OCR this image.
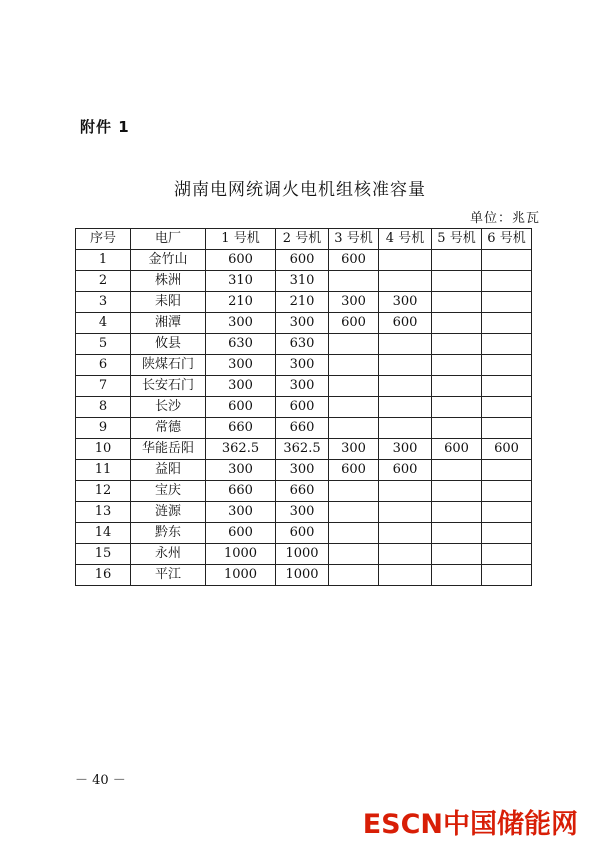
附件 1
湖南电网统调火电机组核准容量
单位：兆瓦
序号	电厂	1 号机	2 号机	3 号机	4 号机	5 号机	6 号机
1	金竹山	600	600	600			
2	株洲	310	310				
3	耒阳	210	210	300	300		
4	湘潭	300	300	600	600		
5	攸县	630	630				
6	陕煤石门	300	300				
7	长安石门	300	300				
8	长沙	600	600				
9	常德	660	660				
10	华能岳阳	362.5	362.5	300	300	600	600
11	益阳	300	300	600	600		
12	宝庆	660	660				
13	涟源	300	300				
14	黔东	600	600				
15	永州	1000	1000				
16	平江	1000	1000				
－ 40 －
ESCN中国储能网
